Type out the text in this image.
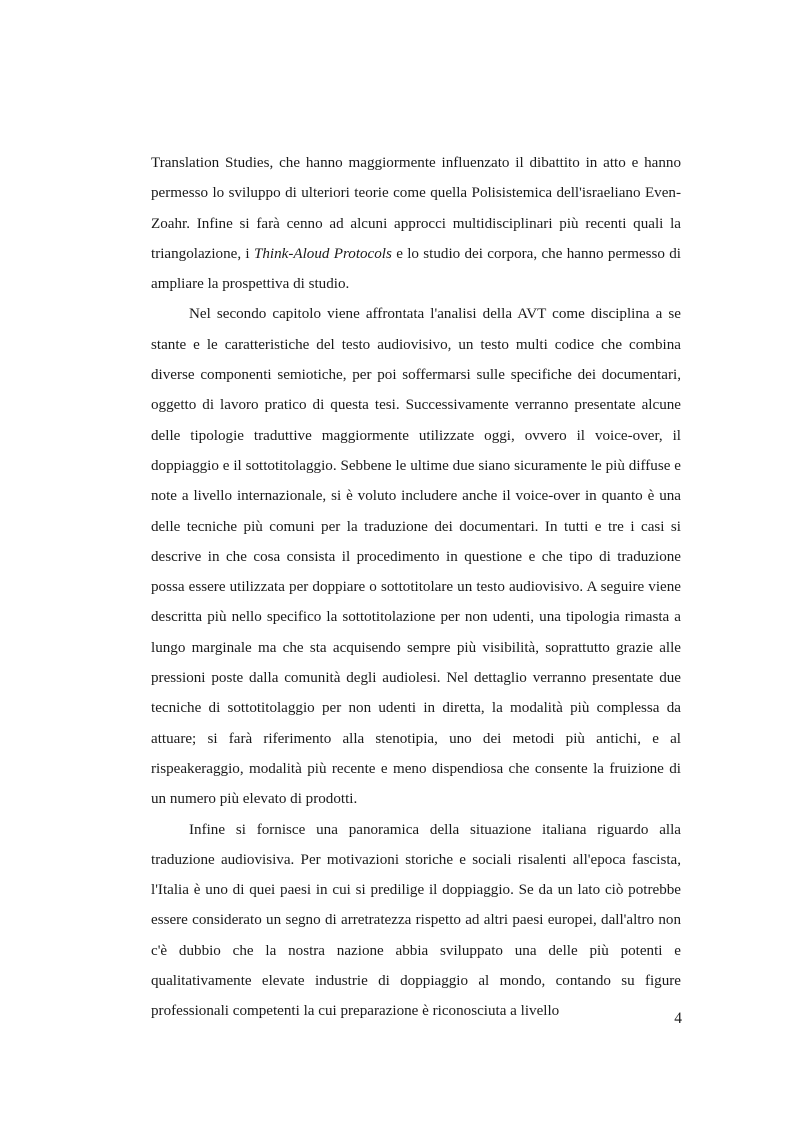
Translation Studies, che hanno maggiormente influenzato il dibattito in atto e hanno permesso lo sviluppo di ulteriori teorie come quella Polisistemica dell'israeliano Even-Zoahr. Infine si farà cenno ad alcuni approcci multidisciplinari più recenti quali la triangolazione, i Think-Aloud Protocols e lo studio dei corpora, che hanno permesso di ampliare la prospettiva di studio.

Nel secondo capitolo viene affrontata l'analisi della AVT come disciplina a se stante e le caratteristiche del testo audiovisivo, un testo multi codice che combina diverse componenti semiotiche, per poi soffermarsi sulle specifiche dei documentari, oggetto di lavoro pratico di questa tesi. Successivamente verranno presentate alcune delle tipologie traduttive maggiormente utilizzate oggi, ovvero il voice-over, il doppiaggio e il sottotitolaggio. Sebbene le ultime due siano sicuramente le più diffuse e note a livello internazionale, si è voluto includere anche il voice-over in quanto è una delle tecniche più comuni per la traduzione dei documentari. In tutti e tre i casi si descrive in che cosa consista il procedimento in questione e che tipo di traduzione possa essere utilizzata per doppiare o sottotitolare un testo audiovisivo. A seguire viene descritta più nello specifico la sottotitolazione per non udenti, una tipologia rimasta a lungo marginale ma che sta acquisendo sempre più visibilità, soprattutto grazie alle pressioni poste dalla comunità degli audiolesi. Nel dettaglio verranno presentate due tecniche di sottotitolaggio per non udenti in diretta, la modalità più complessa da attuare; si farà riferimento alla stenotipia, uno dei metodi più antichi, e al rispeakeraggio, modalità più recente e meno dispendiosa che consente la fruizione di un numero più elevato di prodotti.

Infine si fornisce una panoramica della situazione italiana riguardo alla traduzione audiovisiva. Per motivazioni storiche e sociali risalenti all'epoca fascista, l'Italia è uno di quei paesi in cui si predilige il doppiaggio. Se da un lato ciò potrebbe essere considerato un segno di arretratezza rispetto ad altri paesi europei, dall'altro non c'è dubbio che la nostra nazione abbia sviluppato una delle più potenti e qualitativamente elevate industrie di doppiaggio al mondo, contando su figure professionali competenti la cui preparazione è riconosciuta a livello	4
